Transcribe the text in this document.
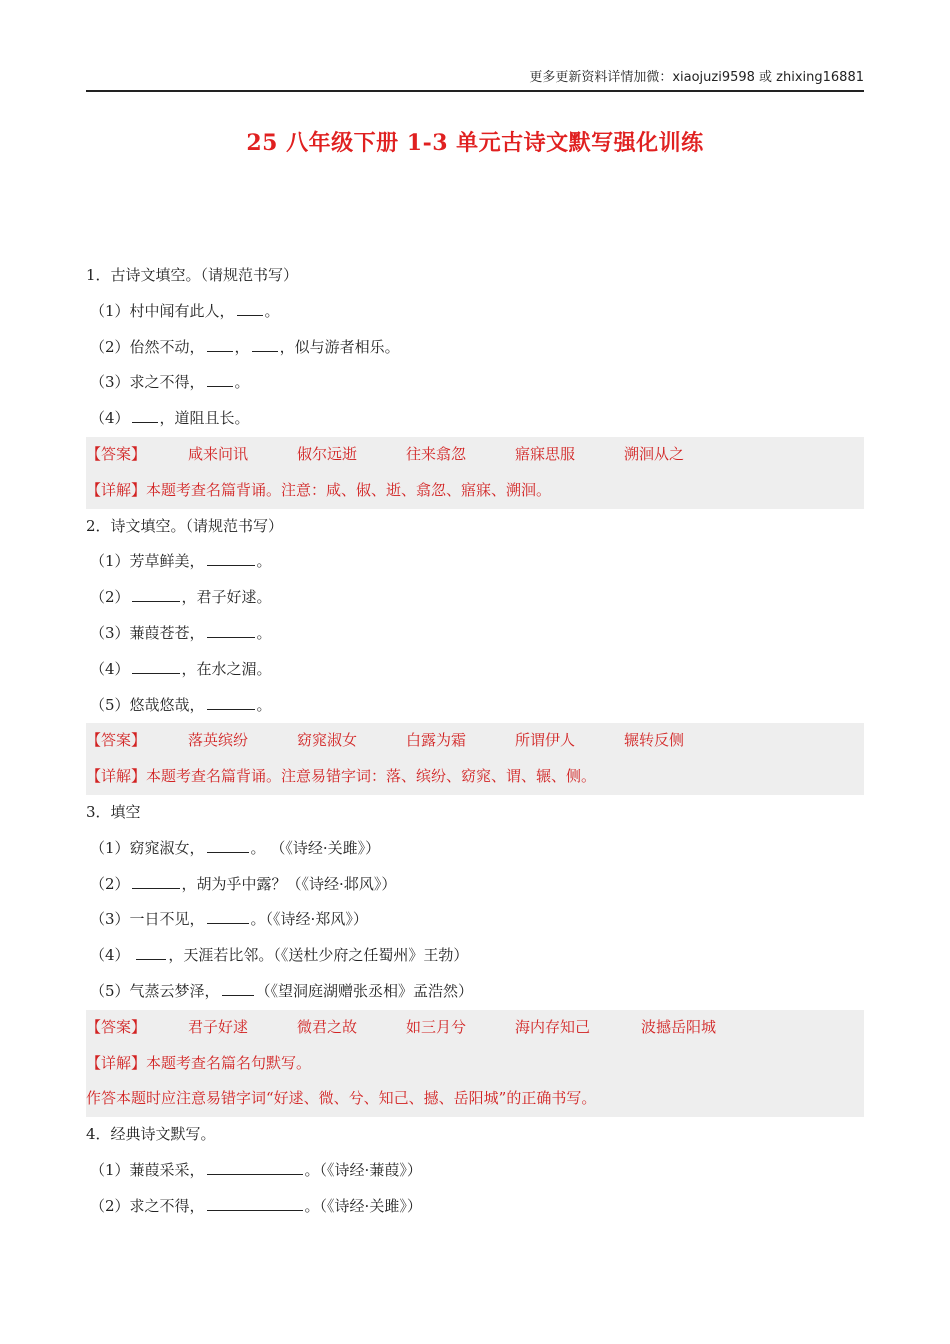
更多更新资料详情加微：xiaojuzi9598 或 zhixing16881
25 八年级下册 1-3 单元古诗文默写强化训练
1．古诗文填空。（请规范书写）
（1）村中闻有此人， 。
（2）佁然不动， ， ，似与游者相乐。
（3）求之不得， 。
（4） ，道阻且长。
【答案】	咸来问讯	俶尔远逝	往来翕忽	寤寐思服	溯洄从之
【详解】本题考查名篇背诵。注意：咸、俶、逝、翕忽、寤寐、溯洄。
2．诗文填空。（请规范书写）
（1）芳草鲜美，	。
（2）	，君子好逑。
（3）蒹葭苍苍，	。
（4）	，在水之湄。
（5）悠哉悠哉，	。
【答案】	落英缤纷	窈窕淑女	白露为霜	所谓伊人	辗转反侧
【详解】本题考查名篇背诵。注意易错字词：落、缤纷、窈窕、谓、辗、侧。
3．填空
（1）窈窕淑女，	。 （《诗经·关雎》）
（2）	，胡为乎中露？（《诗经·邶风》）
（3）一日不见，	。（《诗经·郑风》）
（4） ，天涯若比邻。（《送杜少府之任蜀州》王勃）
（5）气蒸云梦泽， （《望洞庭湖赠张丞相》孟浩然）
【答案】	君子好逑	微君之故	如三月兮	海内存知己	波撼岳阳城
【详解】本题考查名篇名句默写。
作答本题时应注意易错字词“好逑、微、兮、知己、撼、岳阳城”的正确书写。
4．经典诗文默写。
（1）蒹葭采采，	。（《诗经·蒹葭》）
（2）求之不得，	。（《诗经·关雎》）
